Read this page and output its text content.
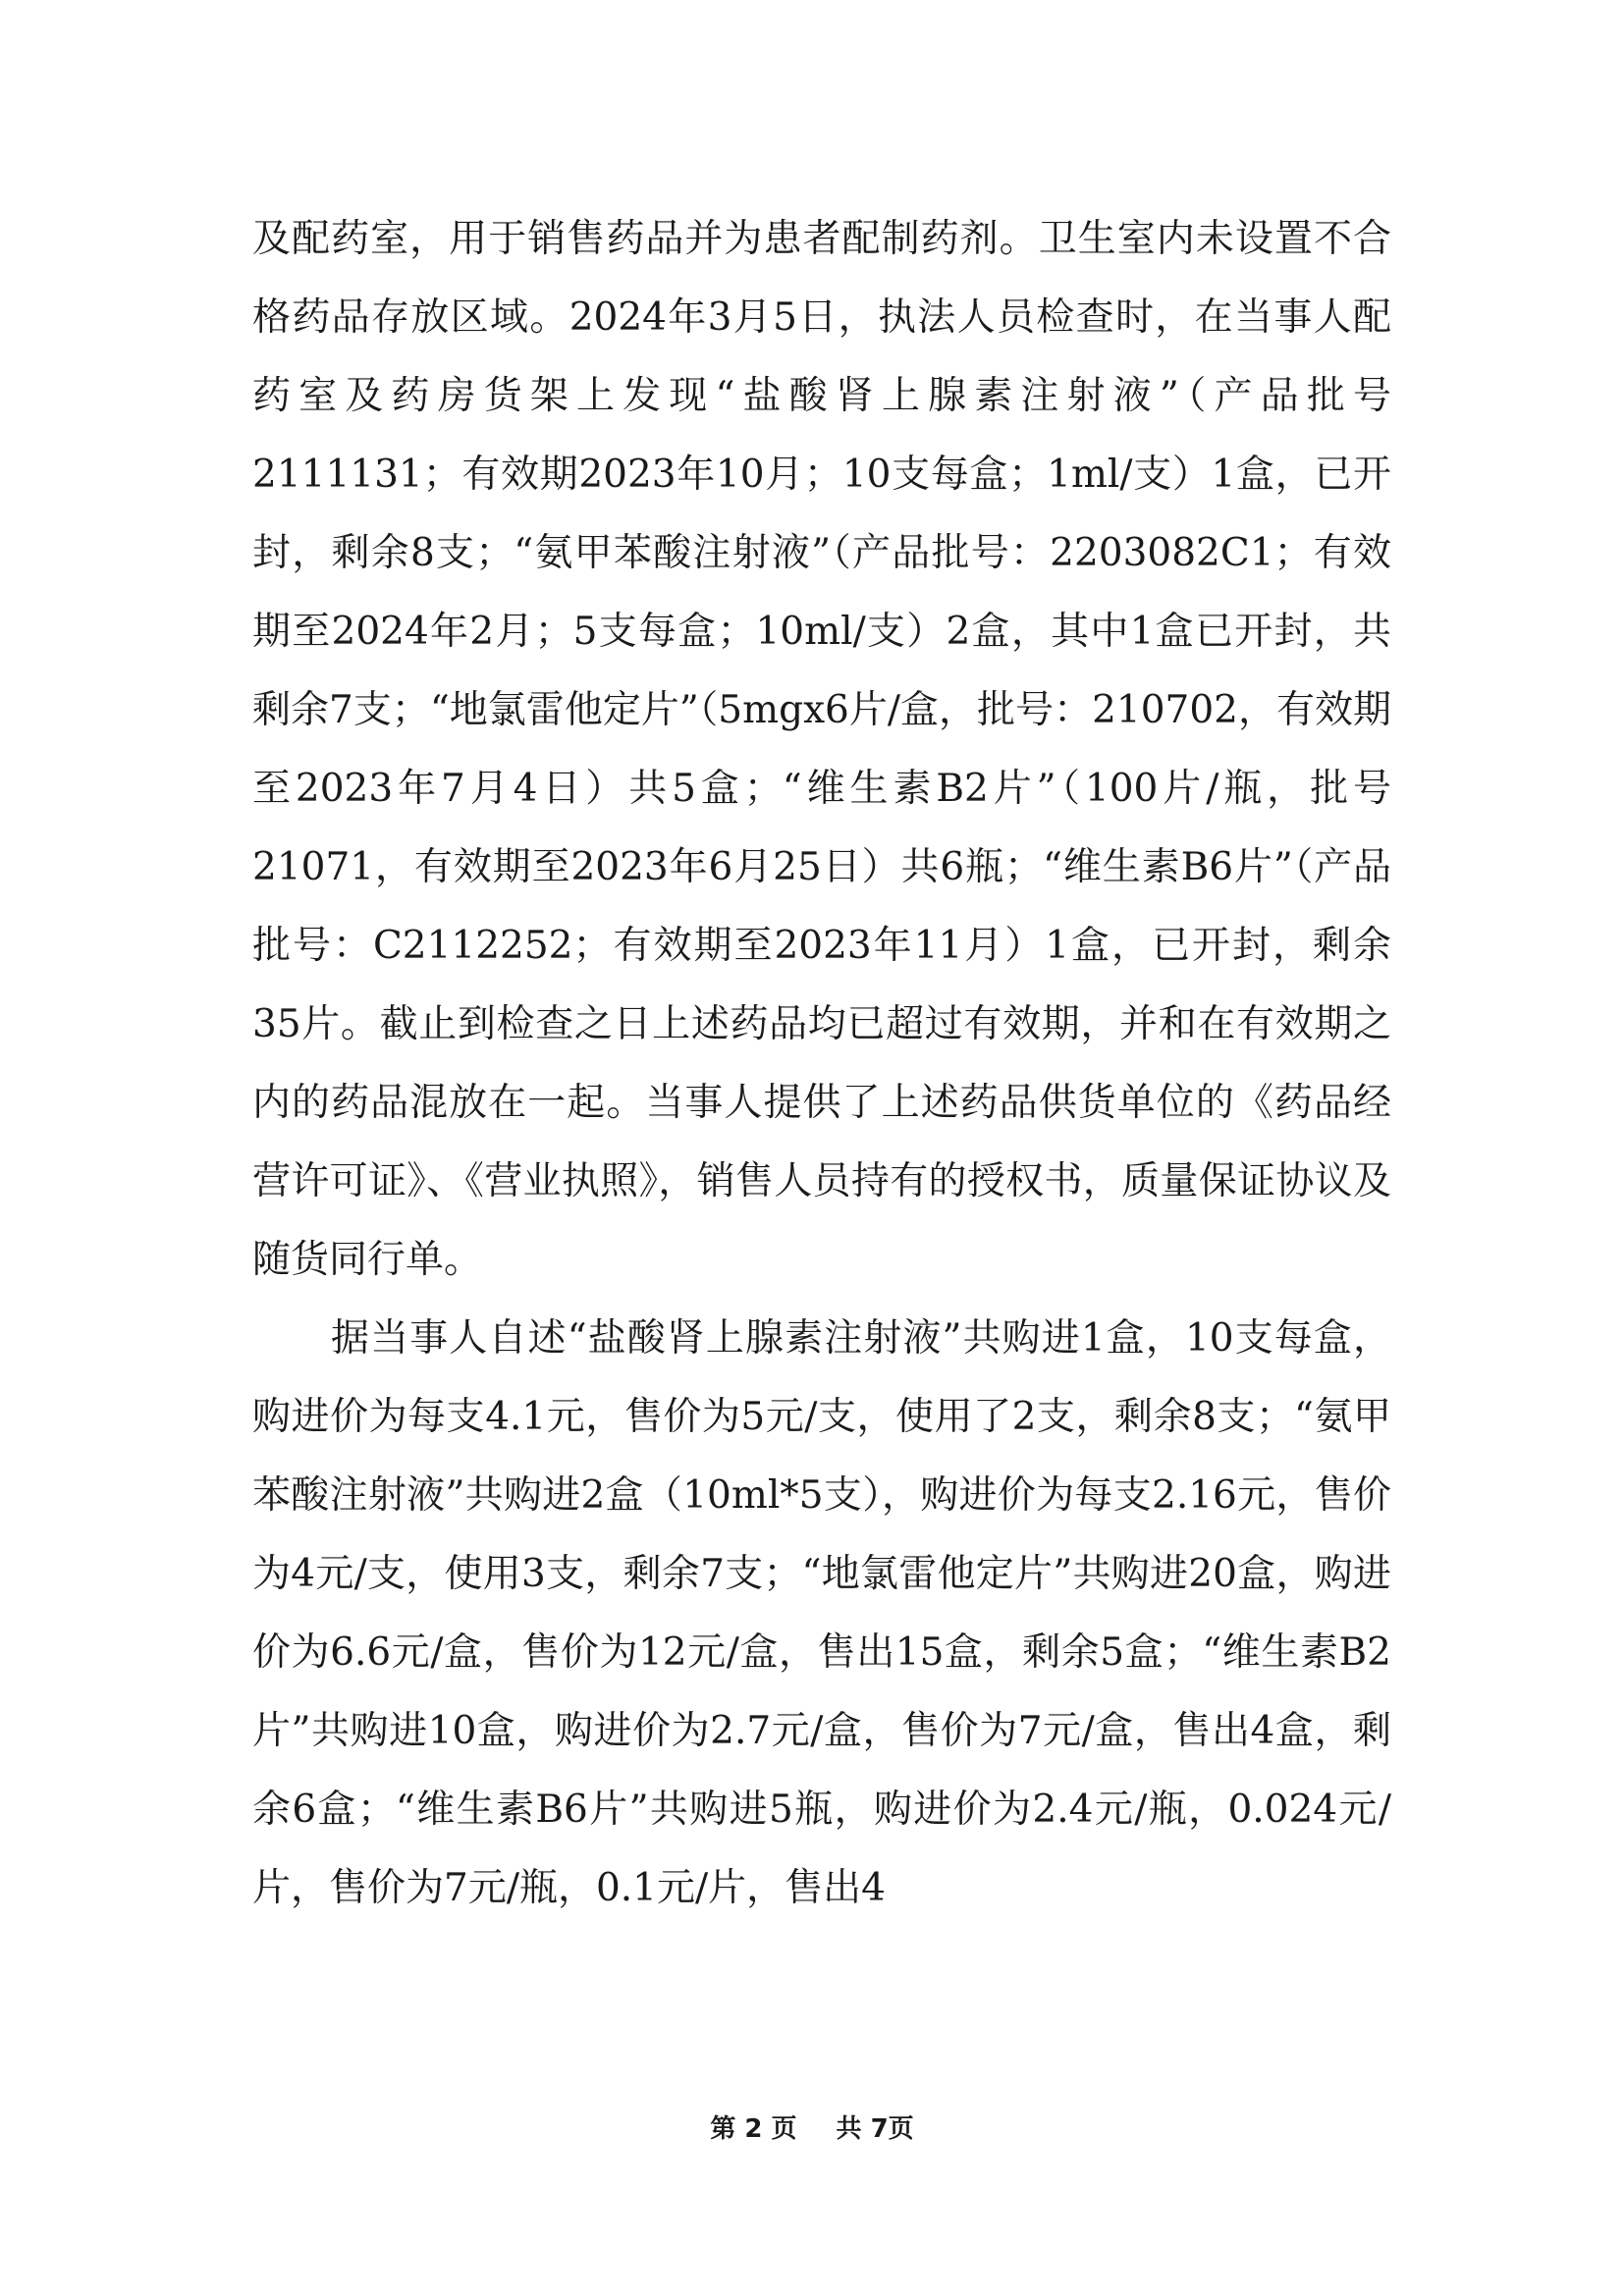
及配药室，用于销售药品并为患者配制药剂。卫生室内未设置不合格药品存放区域。2024年3月5日，执法人员检查时，在当事人配药室及药房货架上发现“盐酸肾上腺素注射液”（产品批号2111131；有效期2023年10月；10支每盒；1ml/支）1盒，已开封，剩余8支；“氨甲苯酸注射液”（产品批号：2203082C1；有效期至2024年2月；5支每盒；10ml/支）2盒，其中1盒已开封，共剩余7支；“地氯雷他定片”（5mgx6片/盒，批号：210702，有效期至2023年7月4日）共5盒；“维生素B2片”（100片/瓶，批号21071，有效期至2023年6月25日）共6瓶；“维生素B6片”（产品批号：C2112252；有效期至2023年11月）1盒，已开封，剩余35片。截止到检查之日上述药品均已超过有效期，并和在有效期之内的药品混放在一起。当事人提供了上述药品供货单位的《药品经营许可证》、《营业执照》，销售人员持有的授权书，质量保证协议及随货同行单。

据当事人自述“盐酸肾上腺素注射液”共购进1盒，10支每盒，购进价为每支4.1元，售价为5元/支，使用了2支，剩余8支；“氨甲苯酸注射液”共购进2盒（10ml*5支），购进价为每支2.16元，售价为4元/支，使用3支，剩余7支；“地氯雷他定片”共购进20盒，购进价为6.6元/盒，售价为12元/盒，售出15盒，剩余5盒；“维生素B2片”共购进10盒，购进价为2.7元/盒，售价为7元/盒，售出4盒，剩余6盒；“维生素B6片”共购进5瓶，购进价为2.4元/瓶，0.024元/片，售价为7元/瓶，0.1元/片，售出4

第 2 页 共 7页
